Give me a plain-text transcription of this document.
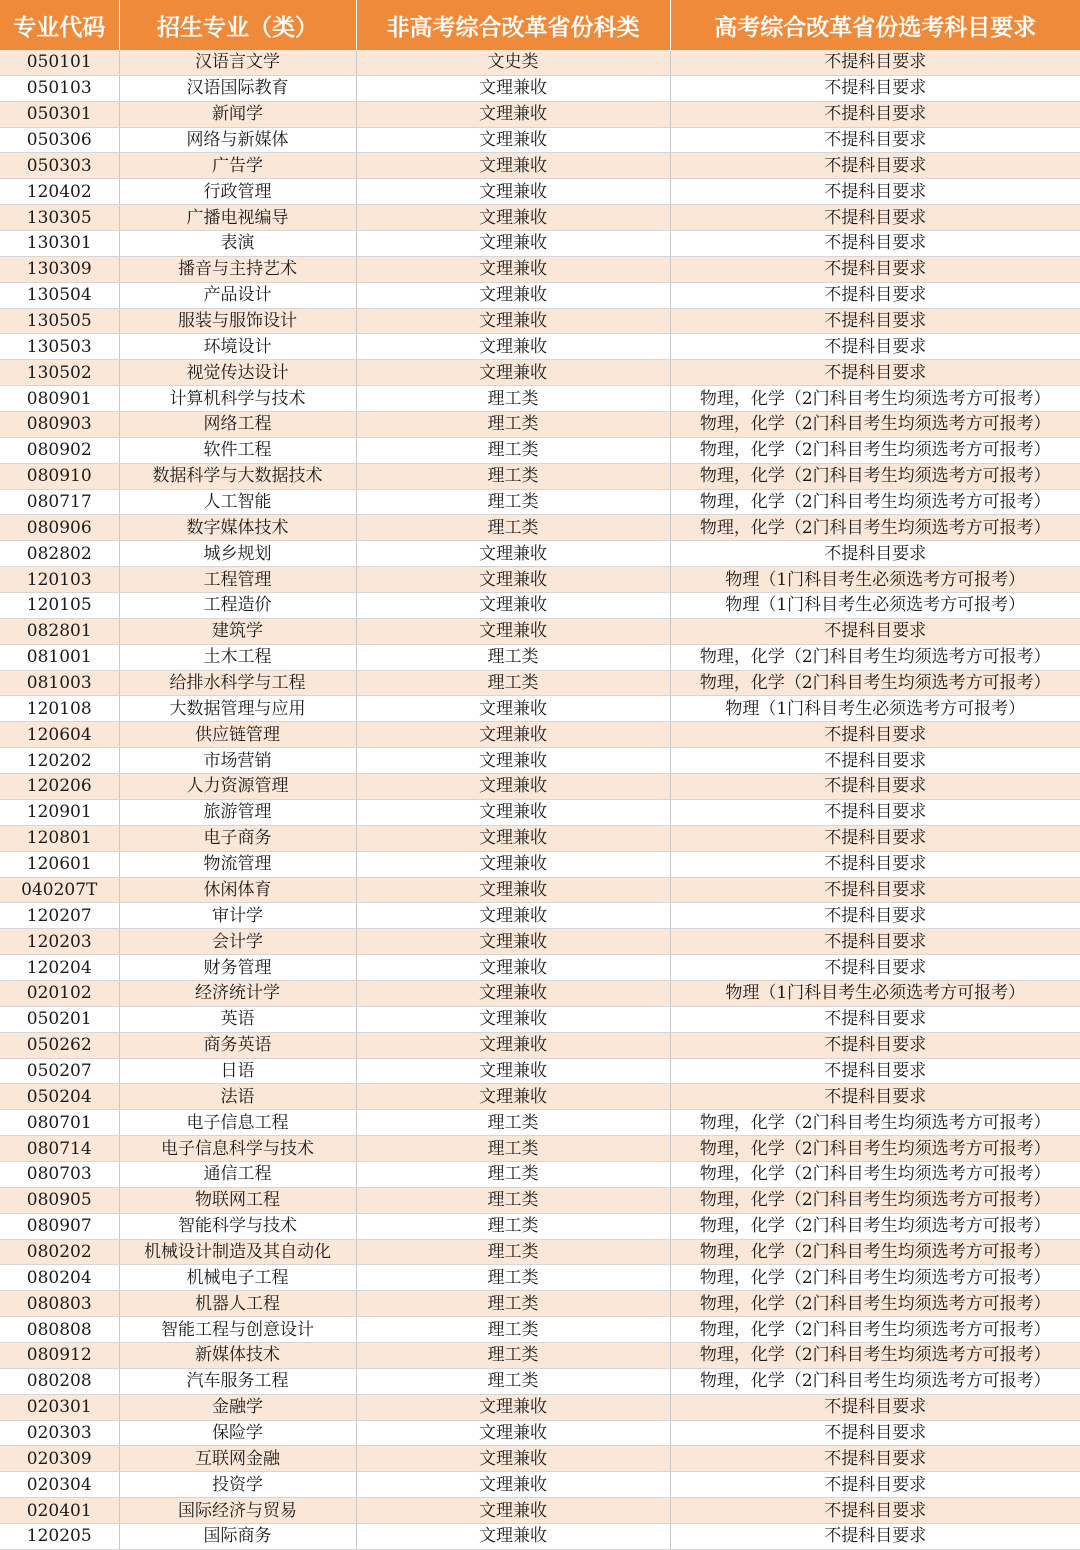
专业代码	招生专业（类）	非高考综合改革省份科类	高考综合改革省份选考科目要求
050101	汉语言文学	文史类	不提科目要求
050103	汉语国际教育	文理兼收	不提科目要求
050301	新闻学	文理兼收	不提科目要求
050306	网络与新媒体	文理兼收	不提科目要求
050303	广告学	文理兼收	不提科目要求
120402	行政管理	文理兼收	不提科目要求
130305	广播电视编导	文理兼收	不提科目要求
130301	表演	文理兼收	不提科目要求
130309	播音与主持艺术	文理兼收	不提科目要求
130504	产品设计	文理兼收	不提科目要求
130505	服装与服饰设计	文理兼收	不提科目要求
130503	环境设计	文理兼收	不提科目要求
130502	视觉传达设计	文理兼收	不提科目要求
080901	计算机科学与技术	理工类	物理，化学（2门科目考生均须选考方可报考）
080903	网络工程	理工类	物理，化学（2门科目考生均须选考方可报考）
080902	软件工程	理工类	物理，化学（2门科目考生均须选考方可报考）
080910	数据科学与大数据技术	理工类	物理，化学（2门科目考生均须选考方可报考）
080717	人工智能	理工类	物理，化学（2门科目考生均须选考方可报考）
080906	数字媒体技术	理工类	物理，化学（2门科目考生均须选考方可报考）
082802	城乡规划	文理兼收	不提科目要求
120103	工程管理	文理兼收	物理（1门科目考生必须选考方可报考）
120105	工程造价	文理兼收	物理（1门科目考生必须选考方可报考）
082801	建筑学	文理兼收	不提科目要求
081001	土木工程	理工类	物理，化学（2门科目考生均须选考方可报考）
081003	给排水科学与工程	理工类	物理，化学（2门科目考生均须选考方可报考）
120108	大数据管理与应用	文理兼收	物理（1门科目考生必须选考方可报考）
120604	供应链管理	文理兼收	不提科目要求
120202	市场营销	文理兼收	不提科目要求
120206	人力资源管理	文理兼收	不提科目要求
120901	旅游管理	文理兼收	不提科目要求
120801	电子商务	文理兼收	不提科目要求
120601	物流管理	文理兼收	不提科目要求
040207T	休闲体育	文理兼收	不提科目要求
120207	审计学	文理兼收	不提科目要求
120203	会计学	文理兼收	不提科目要求
120204	财务管理	文理兼收	不提科目要求
020102	经济统计学	文理兼收	物理（1门科目考生必须选考方可报考）
050201	英语	文理兼收	不提科目要求
050262	商务英语	文理兼收	不提科目要求
050207	日语	文理兼收	不提科目要求
050204	法语	文理兼收	不提科目要求
080701	电子信息工程	理工类	物理，化学（2门科目考生均须选考方可报考）
080714	电子信息科学与技术	理工类	物理，化学（2门科目考生均须选考方可报考）
080703	通信工程	理工类	物理，化学（2门科目考生均须选考方可报考）
080905	物联网工程	理工类	物理，化学（2门科目考生均须选考方可报考）
080907	智能科学与技术	理工类	物理，化学（2门科目考生均须选考方可报考）
080202	机械设计制造及其自动化	理工类	物理，化学（2门科目考生均须选考方可报考）
080204	机械电子工程	理工类	物理，化学（2门科目考生均须选考方可报考）
080803	机器人工程	理工类	物理，化学（2门科目考生均须选考方可报考）
080808	智能工程与创意设计	理工类	物理，化学（2门科目考生均须选考方可报考）
080912	新媒体技术	理工类	物理，化学（2门科目考生均须选考方可报考）
080208	汽车服务工程	理工类	物理，化学（2门科目考生均须选考方可报考）
020301	金融学	文理兼收	不提科目要求
020303	保险学	文理兼收	不提科目要求
020309	互联网金融	文理兼收	不提科目要求
020304	投资学	文理兼收	不提科目要求
020401	国际经济与贸易	文理兼收	不提科目要求
120205	国际商务	文理兼收	不提科目要求
